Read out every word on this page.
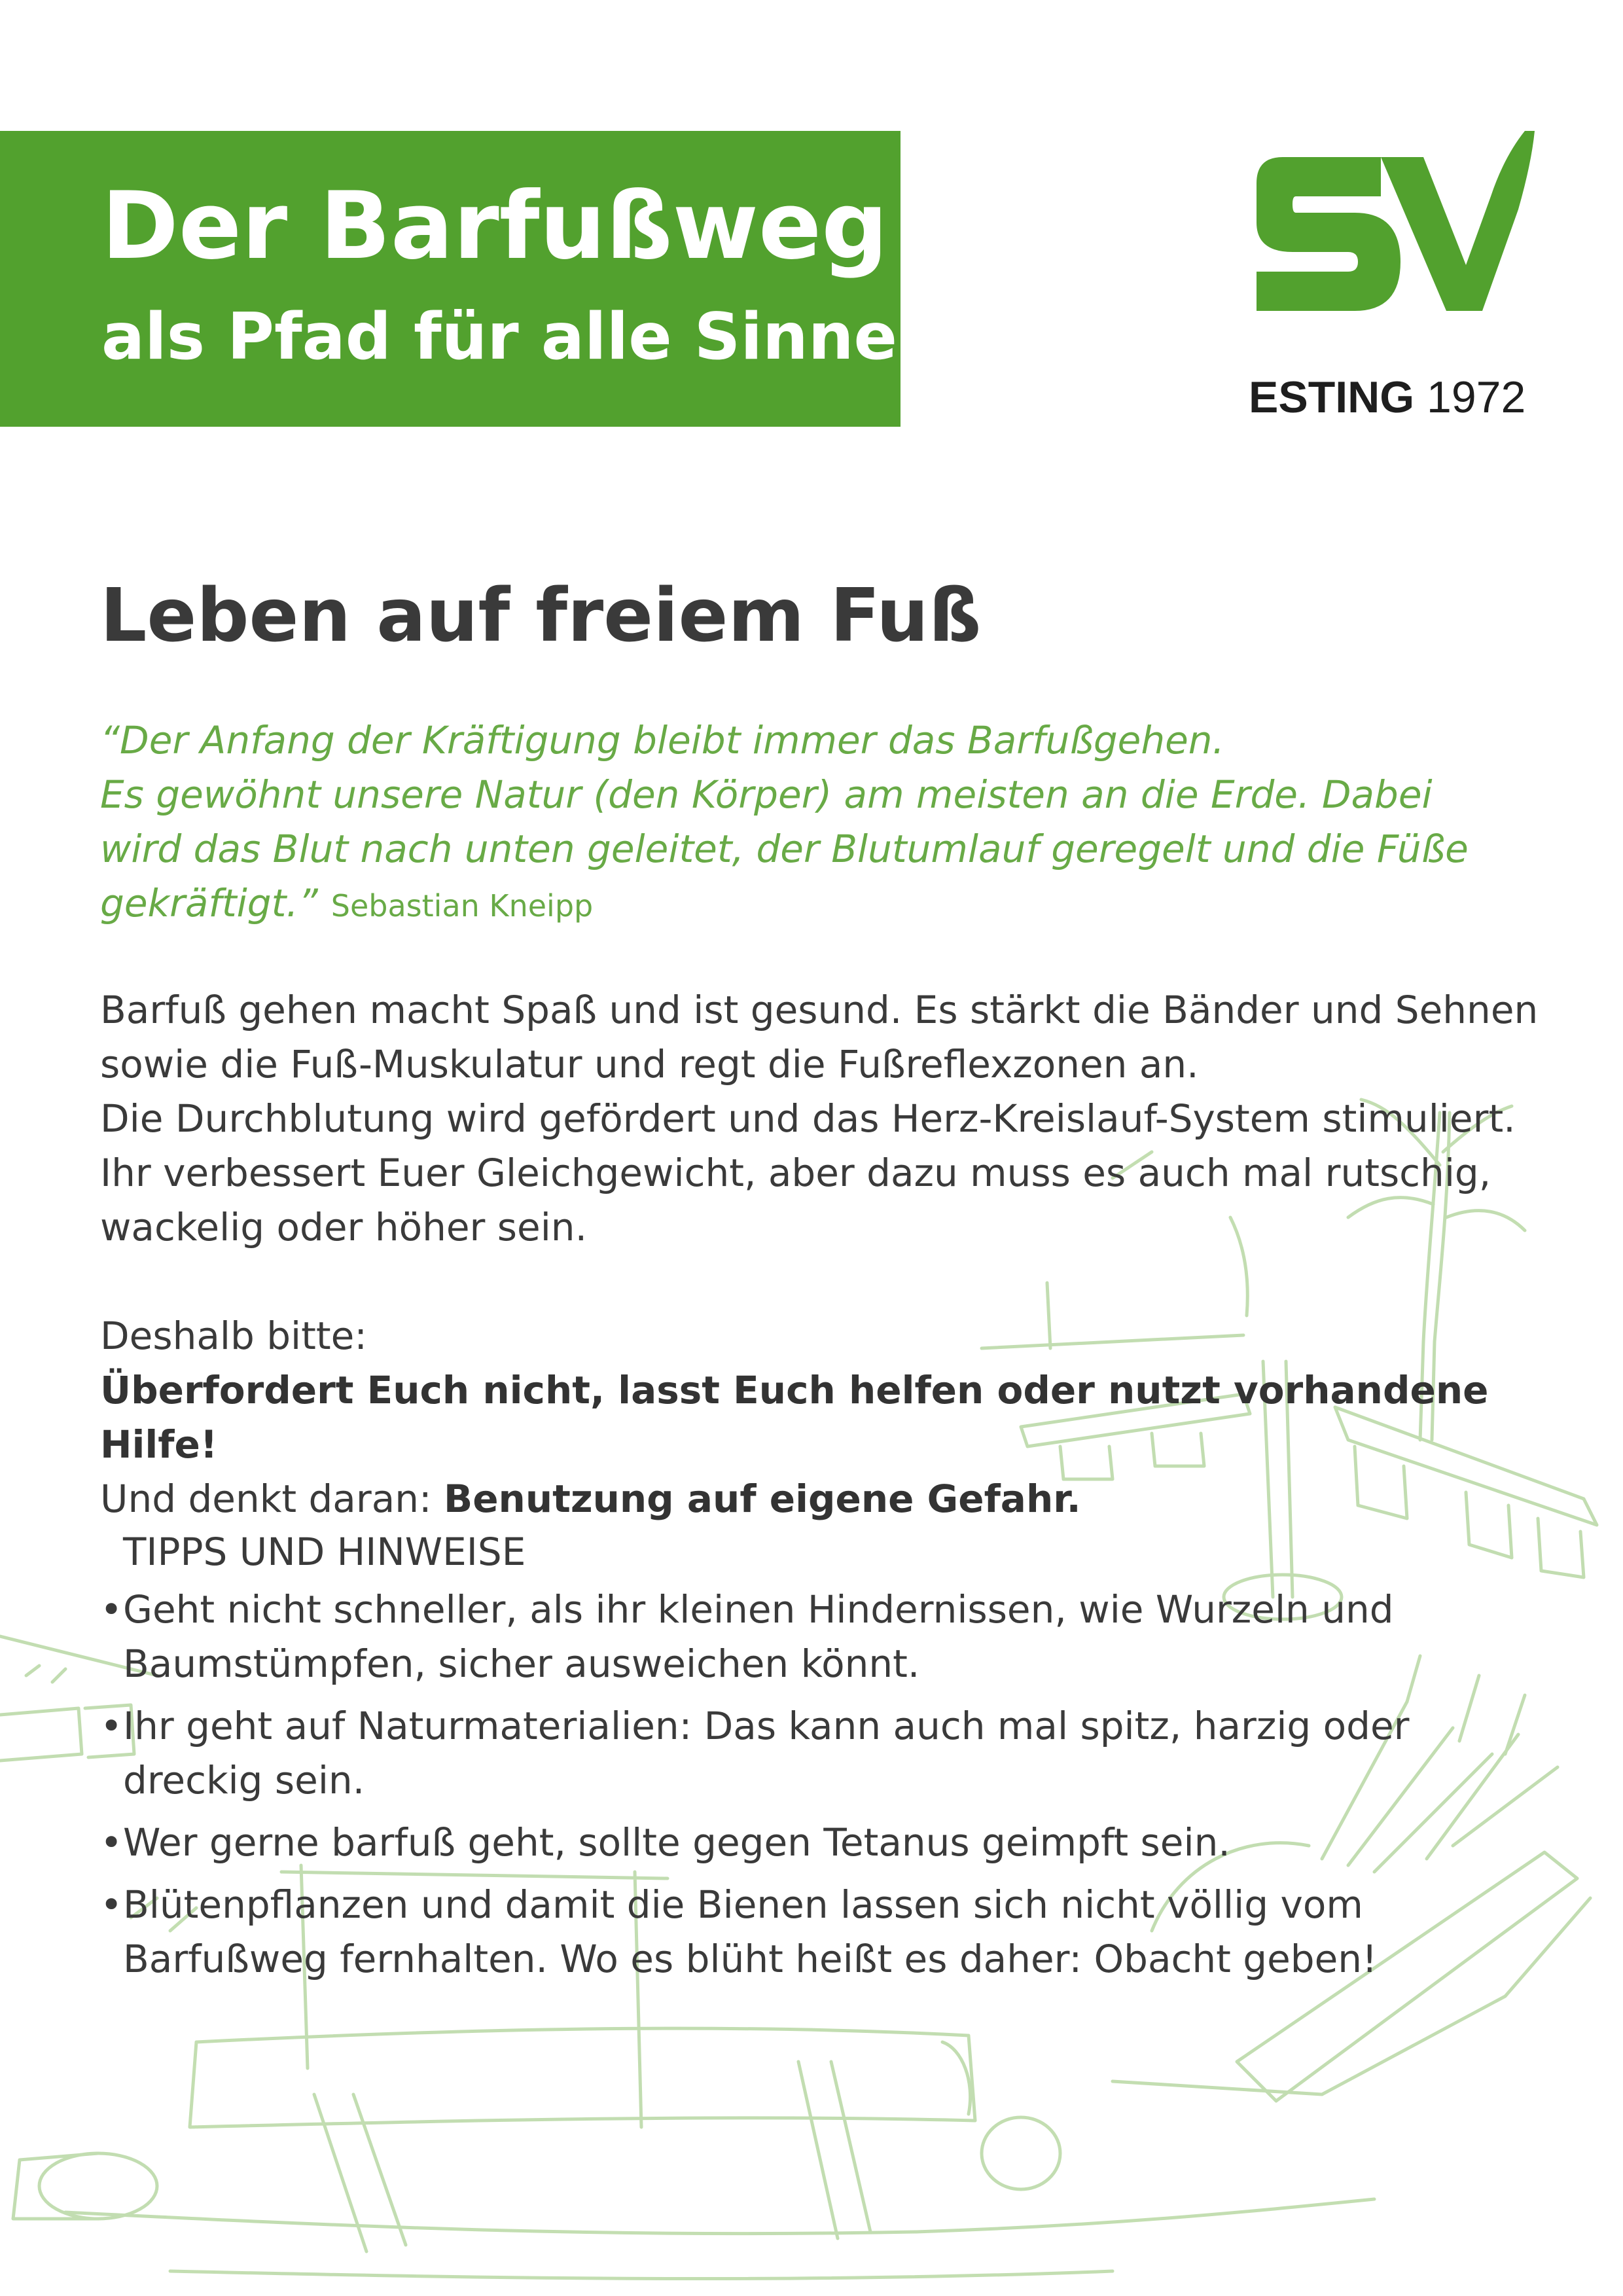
Der Barfußweg
als Pfad für alle Sinne
ESTING 1972
Leben auf freiem Fuß
“Der Anfang der Kräftigung bleibt immer das Barfußgehen.
Es gewöhnt unsere Natur (den Körper) am meisten an die Erde. Dabei
wird das Blut nach unten geleitet, der Blutumlauf geregelt und die Füße
gekräftigt.” Sebastian Kneipp
Barfuß gehen macht Spaß und ist gesund. Es stärkt die Bänder und Sehnen
sowie die Fuß-Muskulatur und regt die Fußreflexzonen an.
Die Durchblutung wird gefördert und das Herz-Kreislauf-System stimuliert.
Ihr verbessert Euer Gleichgewicht, aber dazu muss es auch mal rutschig,
wackelig oder höher sein.
Deshalb bitte:
Überfordert Euch nicht, lasst Euch helfen oder nutzt vorhandene Hilfe!
Und denkt daran: Benutzung auf eigene Gefahr.
TIPPS UND HINWEISE
• Geht nicht schneller, als ihr kleinen Hindernissen, wie Wurzeln und
Baumstümpfen, sicher ausweichen könnt.
• Ihr geht auf Naturmaterialien: Das kann auch mal spitz, harzig oder
dreckig sein.
• Wer gerne barfuß geht, sollte gegen Tetanus geimpft sein.
• Blütenpflanzen und damit die Bienen lassen sich nicht völlig vom
Barfußweg fernhalten. Wo es blüht heißt es daher: Obacht geben!
